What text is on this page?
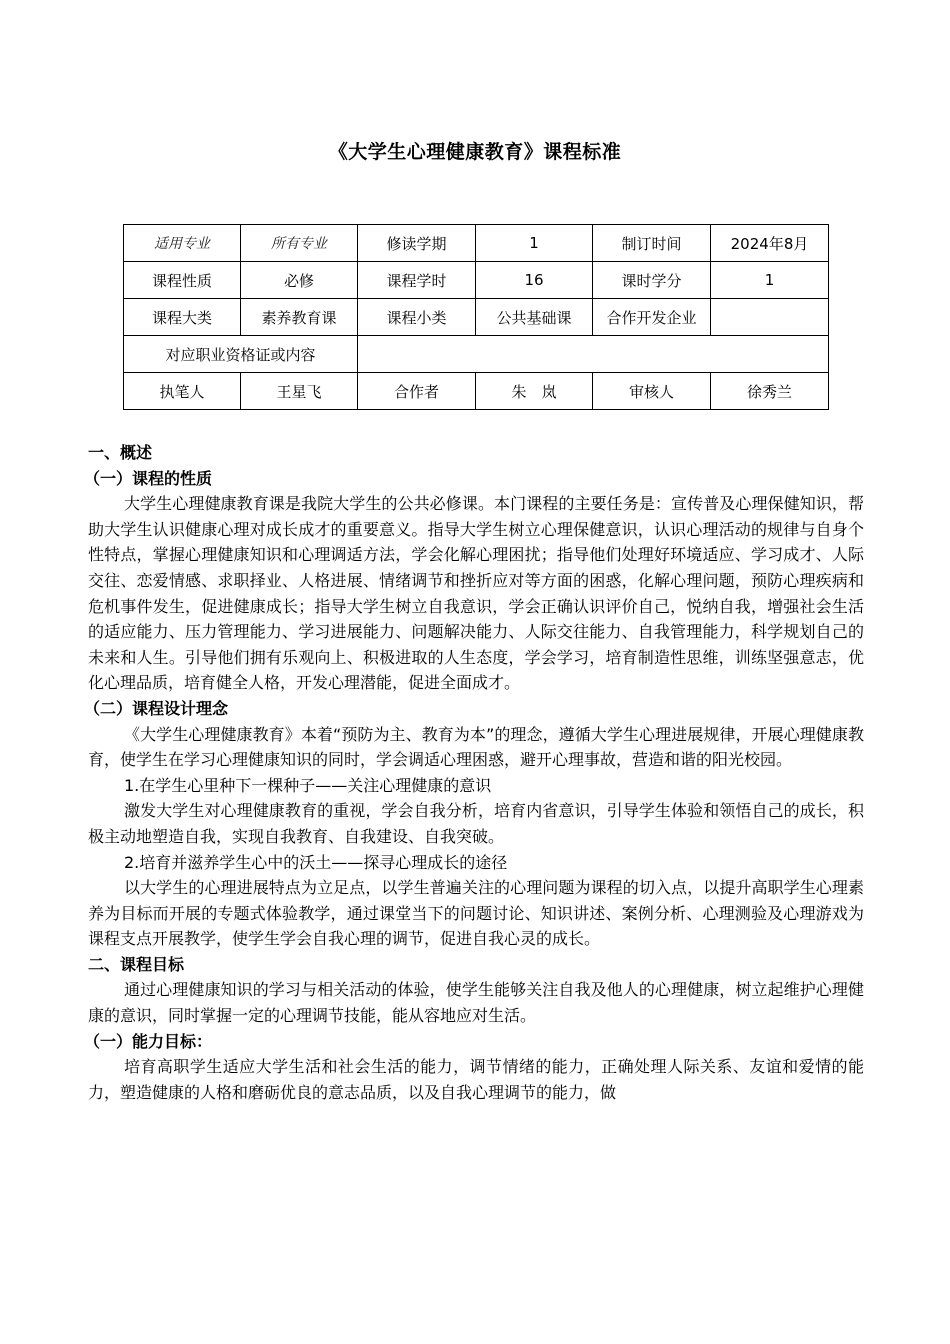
《大学生心理健康教育》课程标准
适用专业	所有专业	修读学期	1	制订时间	2024年8月
课程性质	必修	课程学时	16	课时学分	1
课程大类	素养教育课	课程小类	公共基础课	合作开发企业	
对应职业资格证或内容					
执笔人	王星飞	合作者	朱　岚	审核人	徐秀兰

一、概述

（一）课程的性质

大学生心理健康教育课是我院大学生的公共必修课。本门课程的主要任务是：宣传普及心理保健知识，帮助大学生认识健康心理对成长成才的重要意义。指导大学生树立心理保健意识，认识心理活动的规律与自身个性特点，掌握心理健康知识和心理调适方法，学会化解心理困扰；指导他们处理好环境适应、学习成才、人际交往、恋爱情感、求职择业、人格进展、情绪调节和挫折应对等方面的困惑，化解心理问题，预防心理疾病和危机事件发生，促进健康成长；指导大学生树立自我意识，学会正确认识评价自己，悦纳自我，增强社会生活的适应能力、压力管理能力、学习进展能力、问题解决能力、人际交往能力、自我管理能力，科学规划自己的未来和人生。引导他们拥有乐观向上、积极进取的人生态度，学会学习，培育制造性思维，训练坚强意志，优化心理品质，培育健全人格，开发心理潜能，促进全面成才。

（二）课程设计理念

《大学生心理健康教育》本着“预防为主、教育为本”的理念，遵循大学生心理进展规律，开展心理健康教育，使学生在学习心理健康知识的同时，学会调适心理困惑，避开心理事故，营造和谐的阳光校园。

1.在学生心里种下一棵种子——关注心理健康的意识

激发大学生对心理健康教育的重视，学会自我分析，培育内省意识，引导学生体验和领悟自己的成长，积极主动地塑造自我，实现自我教育、自我建设、自我突破。

2.培育并滋养学生心中的沃土——探寻心理成长的途径

以大学生的心理进展特点为立足点，以学生普遍关注的心理问题为课程的切入点，以提升高职学生心理素养为目标而开展的专题式体验教学，通过课堂当下的问题讨论、知识讲述、案例分析、心理测验及心理游戏为课程支点开展教学，使学生学会自我心理的调节，促进自我心灵的成长。

二、课程目标

通过心理健康知识的学习与相关活动的体验，使学生能够关注自我及他人的心理健康，树立起维护心理健康的意识，同时掌握一定的心理调节技能，能从容地应对生活。

（一）能力目标：

培育高职学生适应大学生活和社会生活的能力，调节情绪的能力，正确处理人际关系、友谊和爱情的能力，塑造健康的人格和磨砺优良的意志品质，以及自我心理调节的能力，做
